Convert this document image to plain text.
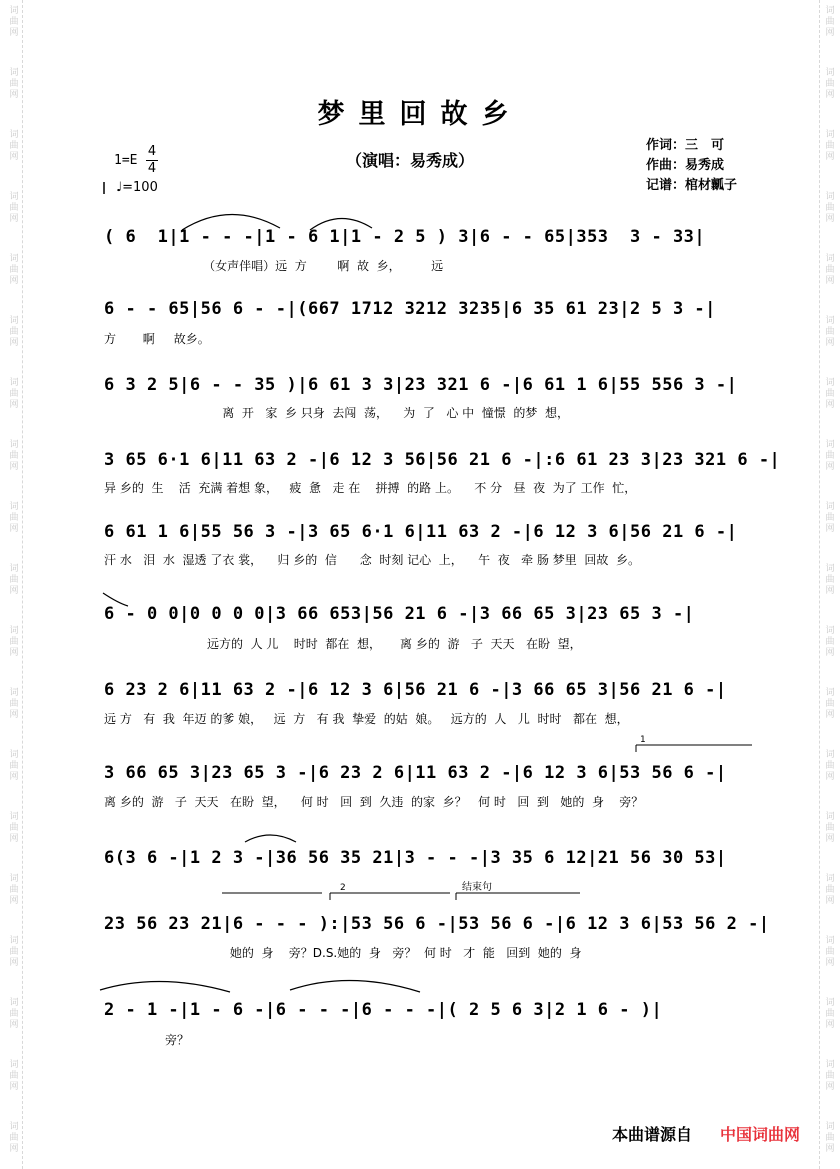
词
曲
网
词
曲
网
词
曲
网
词
曲
网
词
曲
网
词
曲
网
词
曲
网
词
曲
网
词
曲
网
词
曲
网
词
曲
网
词
曲
网
词
曲
网
词
曲
网
词
曲
网
词
曲
网
词
曲
网
词
曲
网
词
曲
网
词
曲
网
词
曲
网
词
曲
网
词
曲
网
词
曲
网
词
曲
网
词
曲
网
词
曲
网
词
曲
网
词
曲
网
词
曲
网
词
曲
网
词
曲
网
词
曲
网
词
曲
网
词
曲
网
词
曲
网
词
曲
网
词
曲
网
梦里回故乡
（演唱：易秀成）
作词：三　可
作曲：易秀成
记谱：棺材瓤子
1=E
4
4
♩=100
( 6  1|1 - - -|1 - 6 1|1 - 2 5 ) 3|6 - - 65|353  3 - 33|
（女声伴唱）远  方        啊  故  乡，        远
6 - - 65|56 6 - -|(667 1712 3212 3235|6 35 61 23|2 5 3 -|
方       啊     故乡。
6 3 2 5|6 - - 35 )|6 61 3 3|23 321 6 -|6 61 1 6|55 556 3 -|
离  开   家  乡 只身  去闯  荡，    为  了   心 中  憧憬  的梦  想，
3 65 6·1 6|11 63 2 -|6 12 3 56|56 21 6 -|:6 61 23 3|23 321 6 -|
异 乡的  生    活  充满 着想 象，   疲  惫   走 在    拼搏  的路 上。    不 分   昼  夜  为了 工作  忙，
6 61 1 6|55 56 3 -|3 65 6·1 6|11 63 2 -|6 12 3 6|56 21 6 -|
汗 水   泪  水  湿透 了衣 裳，    归 乡的  信      念  时刻 记心  上，    午  夜   牵 肠 梦里  回故  乡。
6 - 0 0|0 0 0 0|3 66 653|56 21 6 -|3 66 65 3|23 65 3 -|
远方的  人 儿    时时  都在  想，     离 乡的  游   子  天天   在盼  望，
6 23 2 6|11 63 2 -|6 12 3 6|56 21 6 -|3 66 65 3|56 21 6 -|
远 方   有  我  年迈 的爹 娘，   远  方   有 我  挚爱  的姑  娘。   远方的  人   儿  时时   都在  想，
3 66 65 3|23 65 3 -|6 23 2 6|11 63 2 -|6 12 3 6|53 56 6 -|
离 乡的  游   子  天天   在盼  望，    何 时   回  到  久违  的家  乡？   何 时   回  到   她的  身    旁？
6(3 6 -|1 2 3 -|36 56 35 21|3 - - -|3 35 6 12|21 56 30 53|
23 56 23 21|6 - - - ):|53 56 6 -|53 56 6 -|6 12 3 6|53 56 2 -|
她的  身    旁？D.S.她的  身   旁？  何 时   才  能   回到  她的  身
2 - 1 -|1 - 6 -|6 - - -|6 - - -|( 2 5 6 3|2 1 6 - )|
旁？
1
2	结束句
本曲谱源自 中国词曲网
